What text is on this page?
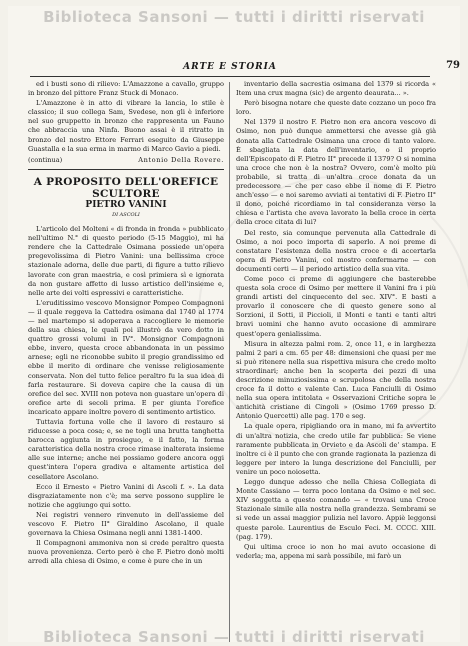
Biblioteca Sansoni — tutti i diritti riservati
ARTE E STORIA	79

ed i busti sono di rilievo: L'Amazzone a cavallo, gruppo in bronzo del pittore Franz Stuck di Monaco.

L'Amazzone è in atto di vibrare la lancia, lo stile è classico; il suo collega Sam, Svedese, non gli è inferiore nel suo gruppetto in bronzo che rappresenta un Fauno che abbraccia una Ninfa. Buono assai è il ritratto in bronzo del nostro Ettore Ferrari eseguito da Giuseppe Guastalla e la sua erma in marmo di Marco Gavio a piedi.

(continua)	Antonio Della Rovere.
A PROPOSITO DELL'OREFICE SCULTORE
PIETRO VANINI
DI ASCOLI

L'articolo del Molteni « di fronda in fronda » pubblicato nell'ultimo N.° di questo periodo (5-15 Maggio), mi ha rendere che la Cattedrale Osimana possiede un'opera pregevolissima di Pietro Vanini: una bellissima croce stazionale adorna, delle due parti, di figure a tutto rilievo lavorate con gran maestria, e così primiera sì e ignorata da non gustare affetto di lusso artistico dell'insieme e, nelle arte dei volti espressivi e caratteristiche.

L'eruditissimo vescovo Monsignor Pompeo Compagnoni — il quale reggeva la Cattedra osimana dal 1740 al 1774 — nel martempo si adoperava a raccogliere le memorie della sua chiesa, le quali poi illustrò da vero dotto in quattro grossi volumi in IV°. Monsignor Compagnoni ebbe, invero, questa croce abbandonata in un pessimo arnese; egli ne riconobbe subito il pregio grandissimo ed ebbe il merito di ordinare che venisse religiosamente conservata. Non del tutto felice peraltro fu la sua idea di farla restaurare. Si doveva capire che la causa di un orefice del sec. XVIII non poteva non guastare un'opera di orefice arte di secoli prima. E per giunta l'orefice incaricato appare inoltre povero di sentimento artistico.

Tuttavia fortuna volle che il lavoro di restauro si riducesse a poca cosa; e, se ne togli una brutta tanghetta barocca aggiunta in prosieguo, e il fatto, la forma caratteristica della nostra croce rimase inalterata insieme alle sue interne; anche nei possiamo godere ancora oggi quest'intera l'opera gradiva e altamente artistica del cesellatore Ascolano.

Ecco il Ernesto « Pietro Vanini di Ascoli f. ». La data disgraziatamente non c'è; ma serve possono supplire le notizie che aggiungo qui sotto.

Nei registri vennero rinvenuto in dell'assieme del vescovo F. Pietro II° Giraldino Ascolano, il quale governava la Chiesa Osimana negli anni 1381-1400.

Il Compagnoni ammoniva non si crede peraltro questa nuova provenienza. Certo però è che F. Pietro donò molti arredi alla chiesa di Osimo, e come è pure che in un

inventario della sacrestia osimana del 1379 si ricorda « Item una crux magna (sic) de argento deaurata... ».

Però bisogna notare che queste date cozzano un poco fra loro.

Nel 1379 il nostro F. Pietro non era ancora vescovo di Osimo, non può dunque ammettersi che avesse già già donata alla Cattedrale Osimana una croce di tanto valore. È sbagliata la data dell'inventario, o il proprio dell'Episcopato di F. Pietro II° precede il 1379? O si nomina una croce che non è la nostra? Ovvero, com'è molto più probabile, si tratta di un'altra croce donata da un predecessore — che per caso ebbe il nome di F. Pietro anch'esso — e noi saremo avviati ai tentativi di F. Pietro II° il dono, poiché ricordiamo in tal consideranza verso la chiesa e l'artista che aveva lavorato la bella croce in certa della croce citata di lui?

Del resto, sia comunque pervenuta alla Cattedrale di Osimo, a noi poco importa di saperlo. A noi preme di constatare l'esistenza della nostra croce e di accertarla opera di Pietro Vanini, col mostro confermarne — con documenti certi — il periodo artistico della sua vita.

Come poco ci preme di aggiungere che basterebbe questa sola croce di Osimo per mettere il Vanini fra i più grandi artisti del cinquecento del sec. XIV°. E basti a provarlo il conoscere che di questo genere sono al Sorzioni, il Sotti, il Piccioli, il Monti e tanti e tanti altri bravi uomini che hanno avuto occasione di ammirare quest'opera genialissima.

Misura in altezza palmi rom. 2, once 11, e in larghezza palmi 2 pari a cm. 65 per 48: dimensioni che quasi per me si può ritenere nella sua rispettiva misura che credo molto straordinari; anche ben la scoperta dei pezzi di una descrizione minuziosissima e scrupolosa che della nostra croce fa il dotto e valente Can. Luca Fanciulli di Osimo nella sua opera intitolata « Osservazioni Critiche sopra le antichità cristiane di Cingoli » (Osimo 1769 presso D. Antonio Quercetti) alle pag. 170 e seg.

La quale opera, ripigliando ora in mano, mi fa avvertito di un'altra notizia, che credo utile far pubblica: Se viene raramente pubblicata in Orvieto e da Ascoli de' stampa. E inoltre ci è il punto che con grande ragionata la pazienza di leggere per intero la lunga descrizione del Fanciulli, per venire un poco noiosetta.

Leggo dunque adesso che nella Chiesa Collegiata di Monte Cassiano — terra poco lontana da Osimo e nel sec. XIV soggetta a questo comando — « trovasi una Croce Stazionale simile alla nostra nella grandezza. Sembrami se si vede un assai maggior pulizia nel lavoro. Appiè leggonsi queste parole. Laurentius de Esculo Feci. M. CCCC. XIII. (pag. 179).

Qui ultima croce io non ho mai avuto occasione di vederla; ma, appena mi sarà possibile, mi farò un

Biblioteca Sansoni — tutti i diritti riservati
